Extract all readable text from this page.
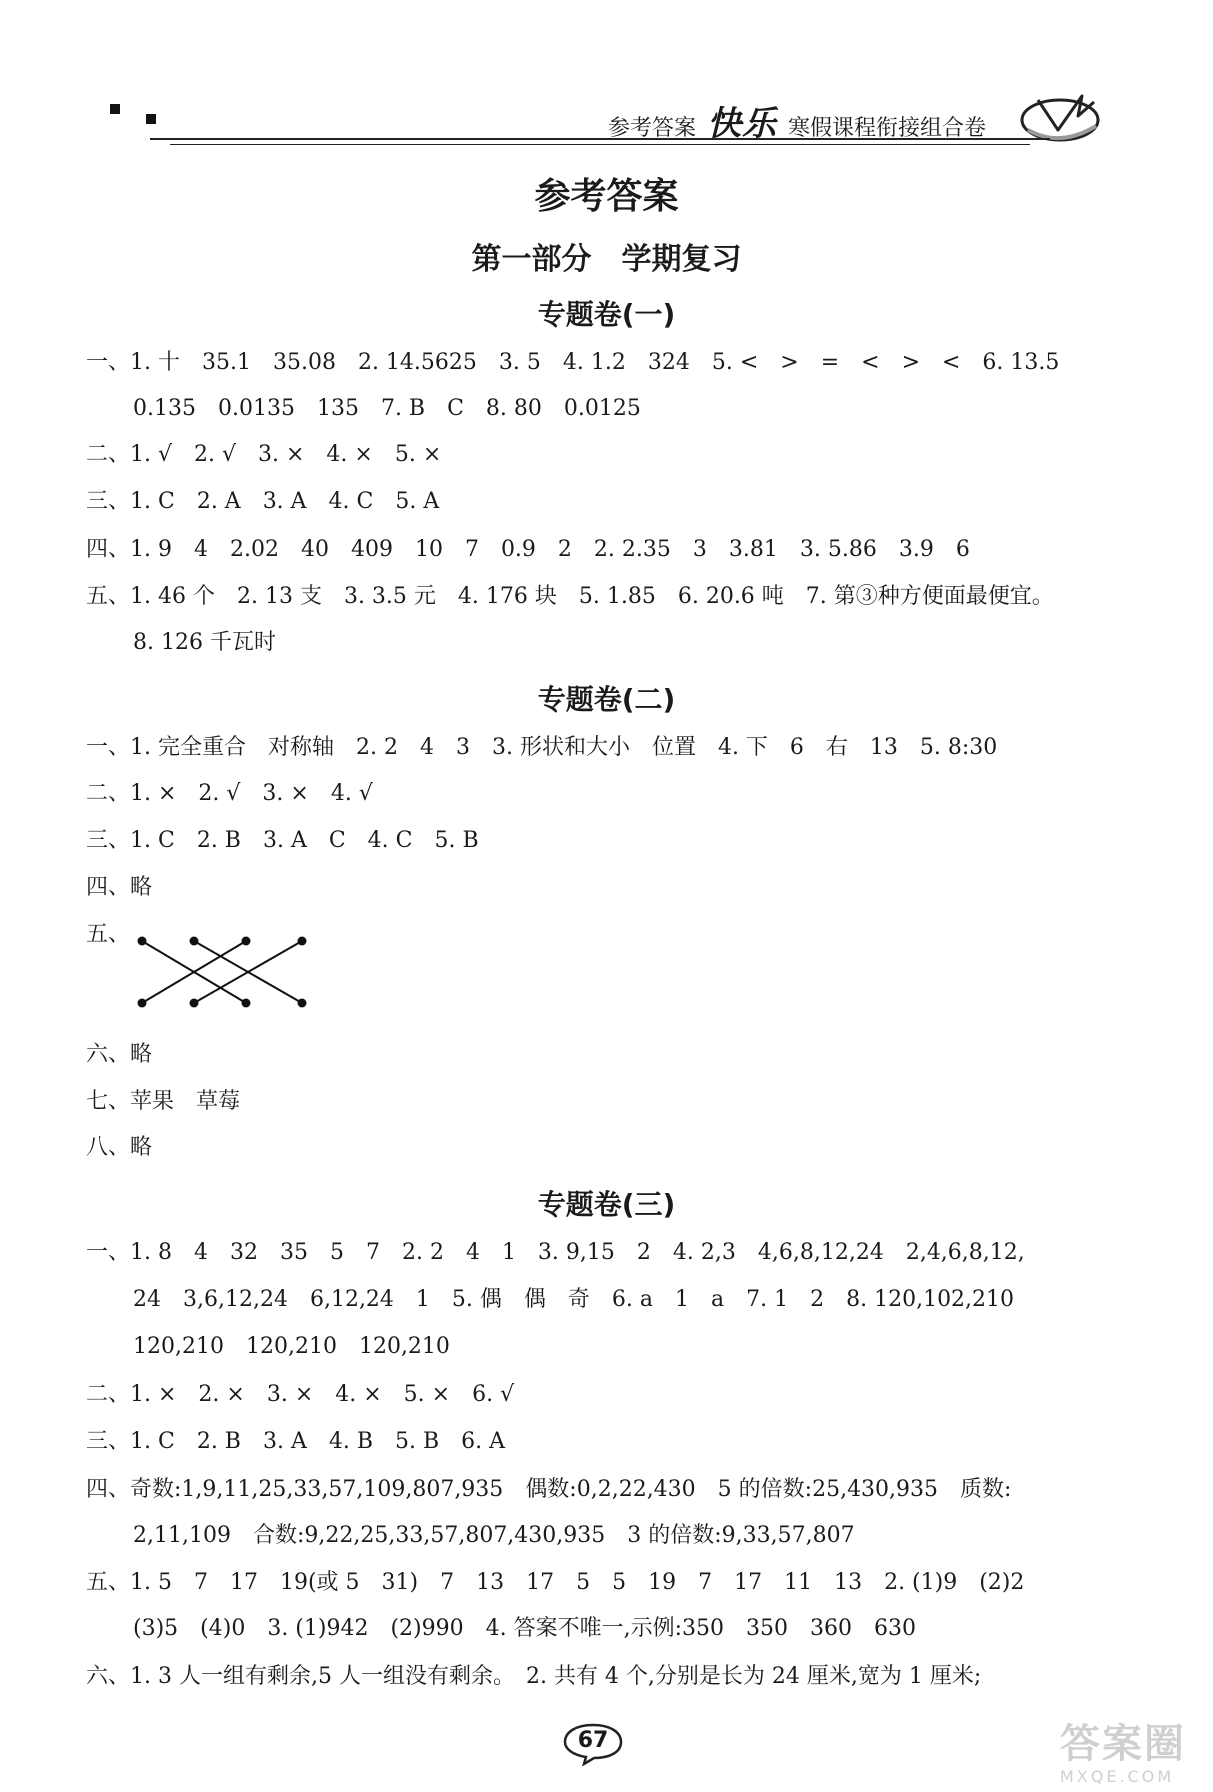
参考答案 快乐 寒假课程衔接组合卷
参考答案
第一部分　学期复习
专题卷(一)
一、1. 十　35.1　35.08　2. 14.5625　3. 5　4. 1.2　324　5. <　>　=　<　>　<　6. 13.5
0.135　0.0135　135　7. B　C　8. 80　0.0125
二、1. √　2. √　3. ×　4. ×　5. ×
三、1. C　2. A　3. A　4. C　5. A
四、1. 9　4　2.02　40　409　10　7　0.9　2　2. 2.35　3　3.81　3. 5.86　3.9　6
五、1. 46 个　2. 13 支　3. 3.5 元　4. 176 块　5. 1.85　6. 20.6 吨　7. 第③种方便面最便宜。
8. 126 千瓦时
专题卷(二)
一、1. 完全重合　对称轴　2. 2　4　3　3. 形状和大小　位置　4. 下　6　右　13　5. 8:30
二、1. ×　2. √　3. ×　4. √
三、1. C　2. B　3. A　C　4. C　5. B
四、略
五、
六、略
七、苹果　草莓
八、略
专题卷(三)
一、1. 8　4　32　35　5　7　2. 2　4　1　3. 9,15　2　4. 2,3　4,6,8,12,24　2,4,6,8,12,
24　3,6,12,24　6,12,24　1　5. 偶　偶　奇　6. a　1　a　7. 1　2　8. 120,102,210
120,210　120,210　120,210
二、1. ×　2. ×　3. ×　4. ×　5. ×　6. √
三、1. C　2. B　3. A　4. B　5. B　6. A
四、奇数:1,9,11,25,33,57,109,807,935　偶数:0,2,22,430　5 的倍数:25,430,935　质数:
2,11,109　合数:9,22,25,33,57,807,430,935　3 的倍数:9,33,57,807
五、1. 5　7　17　19(或 5　31)　7　13　17　5　5　19　7　17　11　13　2. (1)9　(2)2
(3)5　(4)0　3. (1)942　(2)990　4. 答案不唯一,示例:350　350　360　630
六、1. 3 人一组有剩余,5 人一组没有剩余。　2. 共有 4 个,分别是长为 24 厘米,宽为 1 厘米;
67	答案圈
MXQE.COM
